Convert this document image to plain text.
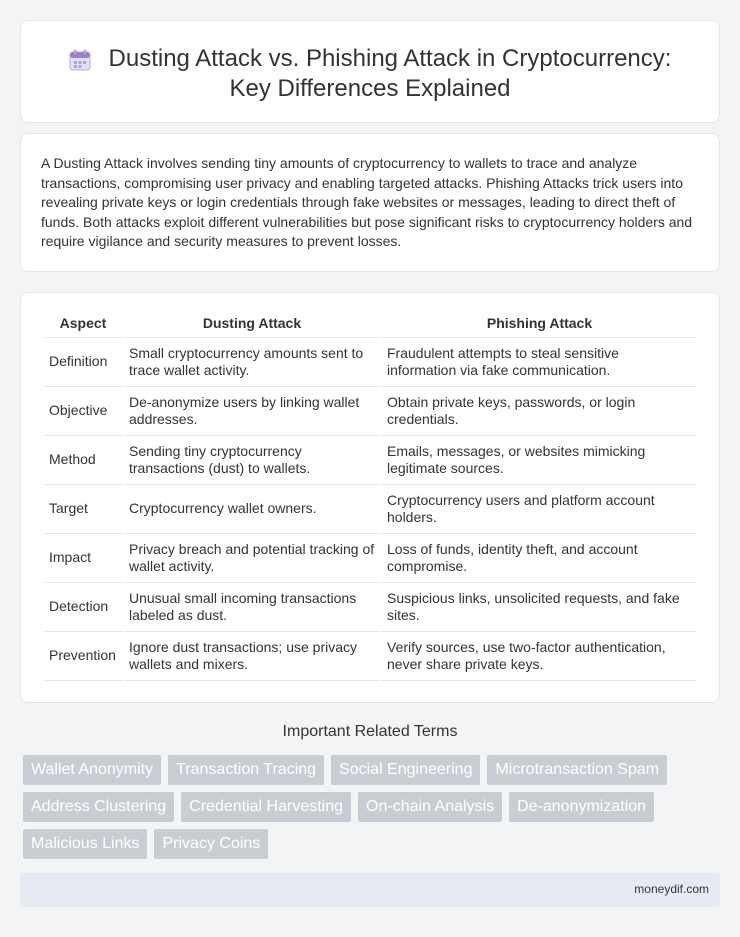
Dusting Attack vs. Phishing Attack in Cryptocurrency:
Key Differences Explained

A Dusting Attack involves sending tiny amounts of cryptocurrency to wallets to trace and analyze transactions, compromising user privacy and enabling targeted attacks. Phishing Attacks trick users into revealing private keys or login credentials through fake websites or messages, leading to direct theft of funds. Both attacks exploit different vulnerabilities but pose significant risks to cryptocurrency holders and require vigilance and security measures to prevent losses.

Aspect	Dusting Attack	Phishing Attack
Definition	Small cryptocurrency amounts sent to trace wallet activity.	Fraudulent attempts to steal sensitive information via fake communication.
Objective	De-anonymize users by linking wallet addresses.	Obtain private keys, passwords, or login credentials.
Method	Sending tiny cryptocurrency transactions (dust) to wallets.	Emails, messages, or websites mimicking legitimate sources.
Target	Cryptocurrency wallet owners.	Cryptocurrency users and platform account holders.
Impact	Privacy breach and potential tracking of wallet activity.	Loss of funds, identity theft, and account compromise.
Detection	Unusual small incoming transactions labeled as dust.	Suspicious links, unsolicited requests, and fake sites.
Prevention	Ignore dust transactions; use privacy wallets and mixers.	Verify sources, use two-factor authentication, never share private keys.
Important Related Terms
Wallet Anonymity	Transaction Tracing	Social Engineering	Microtransaction Spam
Address Clustering	Credential Harvesting	On-chain Analysis	De-anonymization
Malicious Links	Privacy Coins
moneydif.com
